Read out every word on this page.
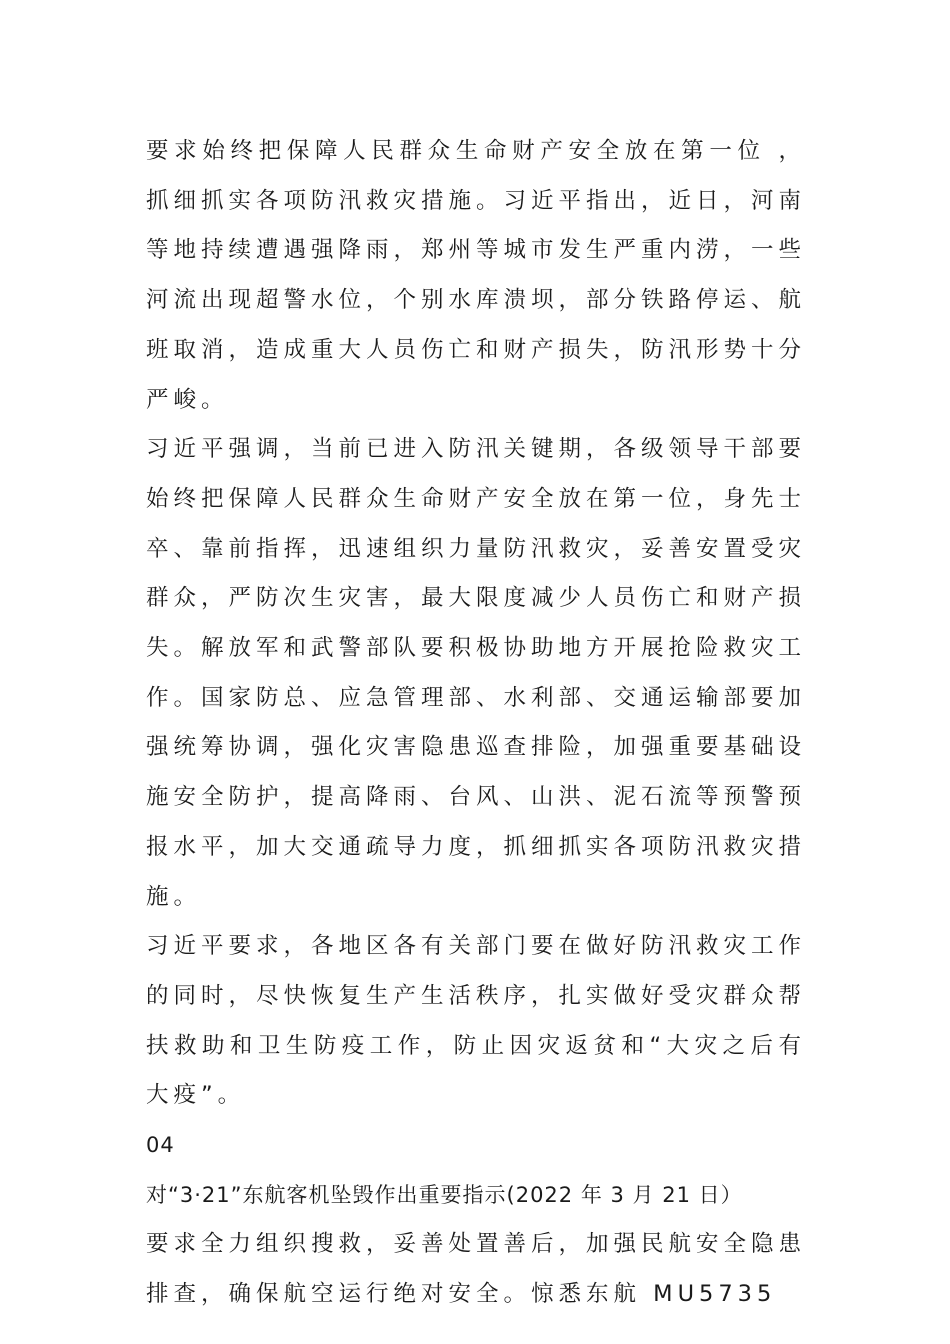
要求始终把保障人民群众生命财产安全放在第一位 ，抓细抓实各项防汛救灾措施。习近平指出，近日，河南等地持续遭遇强降雨，郑州等城市发生严重内涝，一些河流出现超警水位，个别水库溃坝，部分铁路停运、航班取消，造成重大人员伤亡和财产损失，防汛形势十分严峻。

习近平强调，当前已进入防汛关键期，各级领导干部要始终把保障人民群众生命财产安全放在第一位，身先士卒、靠前指挥，迅速组织力量防汛救灾，妥善安置受灾群众，严防次生灾害，最大限度减少人员伤亡和财产损失。解放军和武警部队要积极协助地方开展抢险救灾工作。国家防总、应急管理部、水利部、交通运输部要加强统筹协调，强化灾害隐患巡查排险，加强重要基础设施安全防护，提高降雨、台风、山洪、泥石流等预警预报水平，加大交通疏导力度，抓细抓实各项防汛救灾措施。

习近平要求，各地区各有关部门要在做好防汛救灾工作的同时，尽快恢复生产生活秩序，扎实做好受灾群众帮扶救助和卫生防疫工作，防止因灾返贫和“大灾之后有大疫”。

04

对“3·21”东航客机坠毁作出重要指示(2022 年 3 月 21 日）

要求全力组织搜救，妥善处置善后，加强民航安全隐患排查，确保航空运行绝对安全。惊悉东航 MU5735
